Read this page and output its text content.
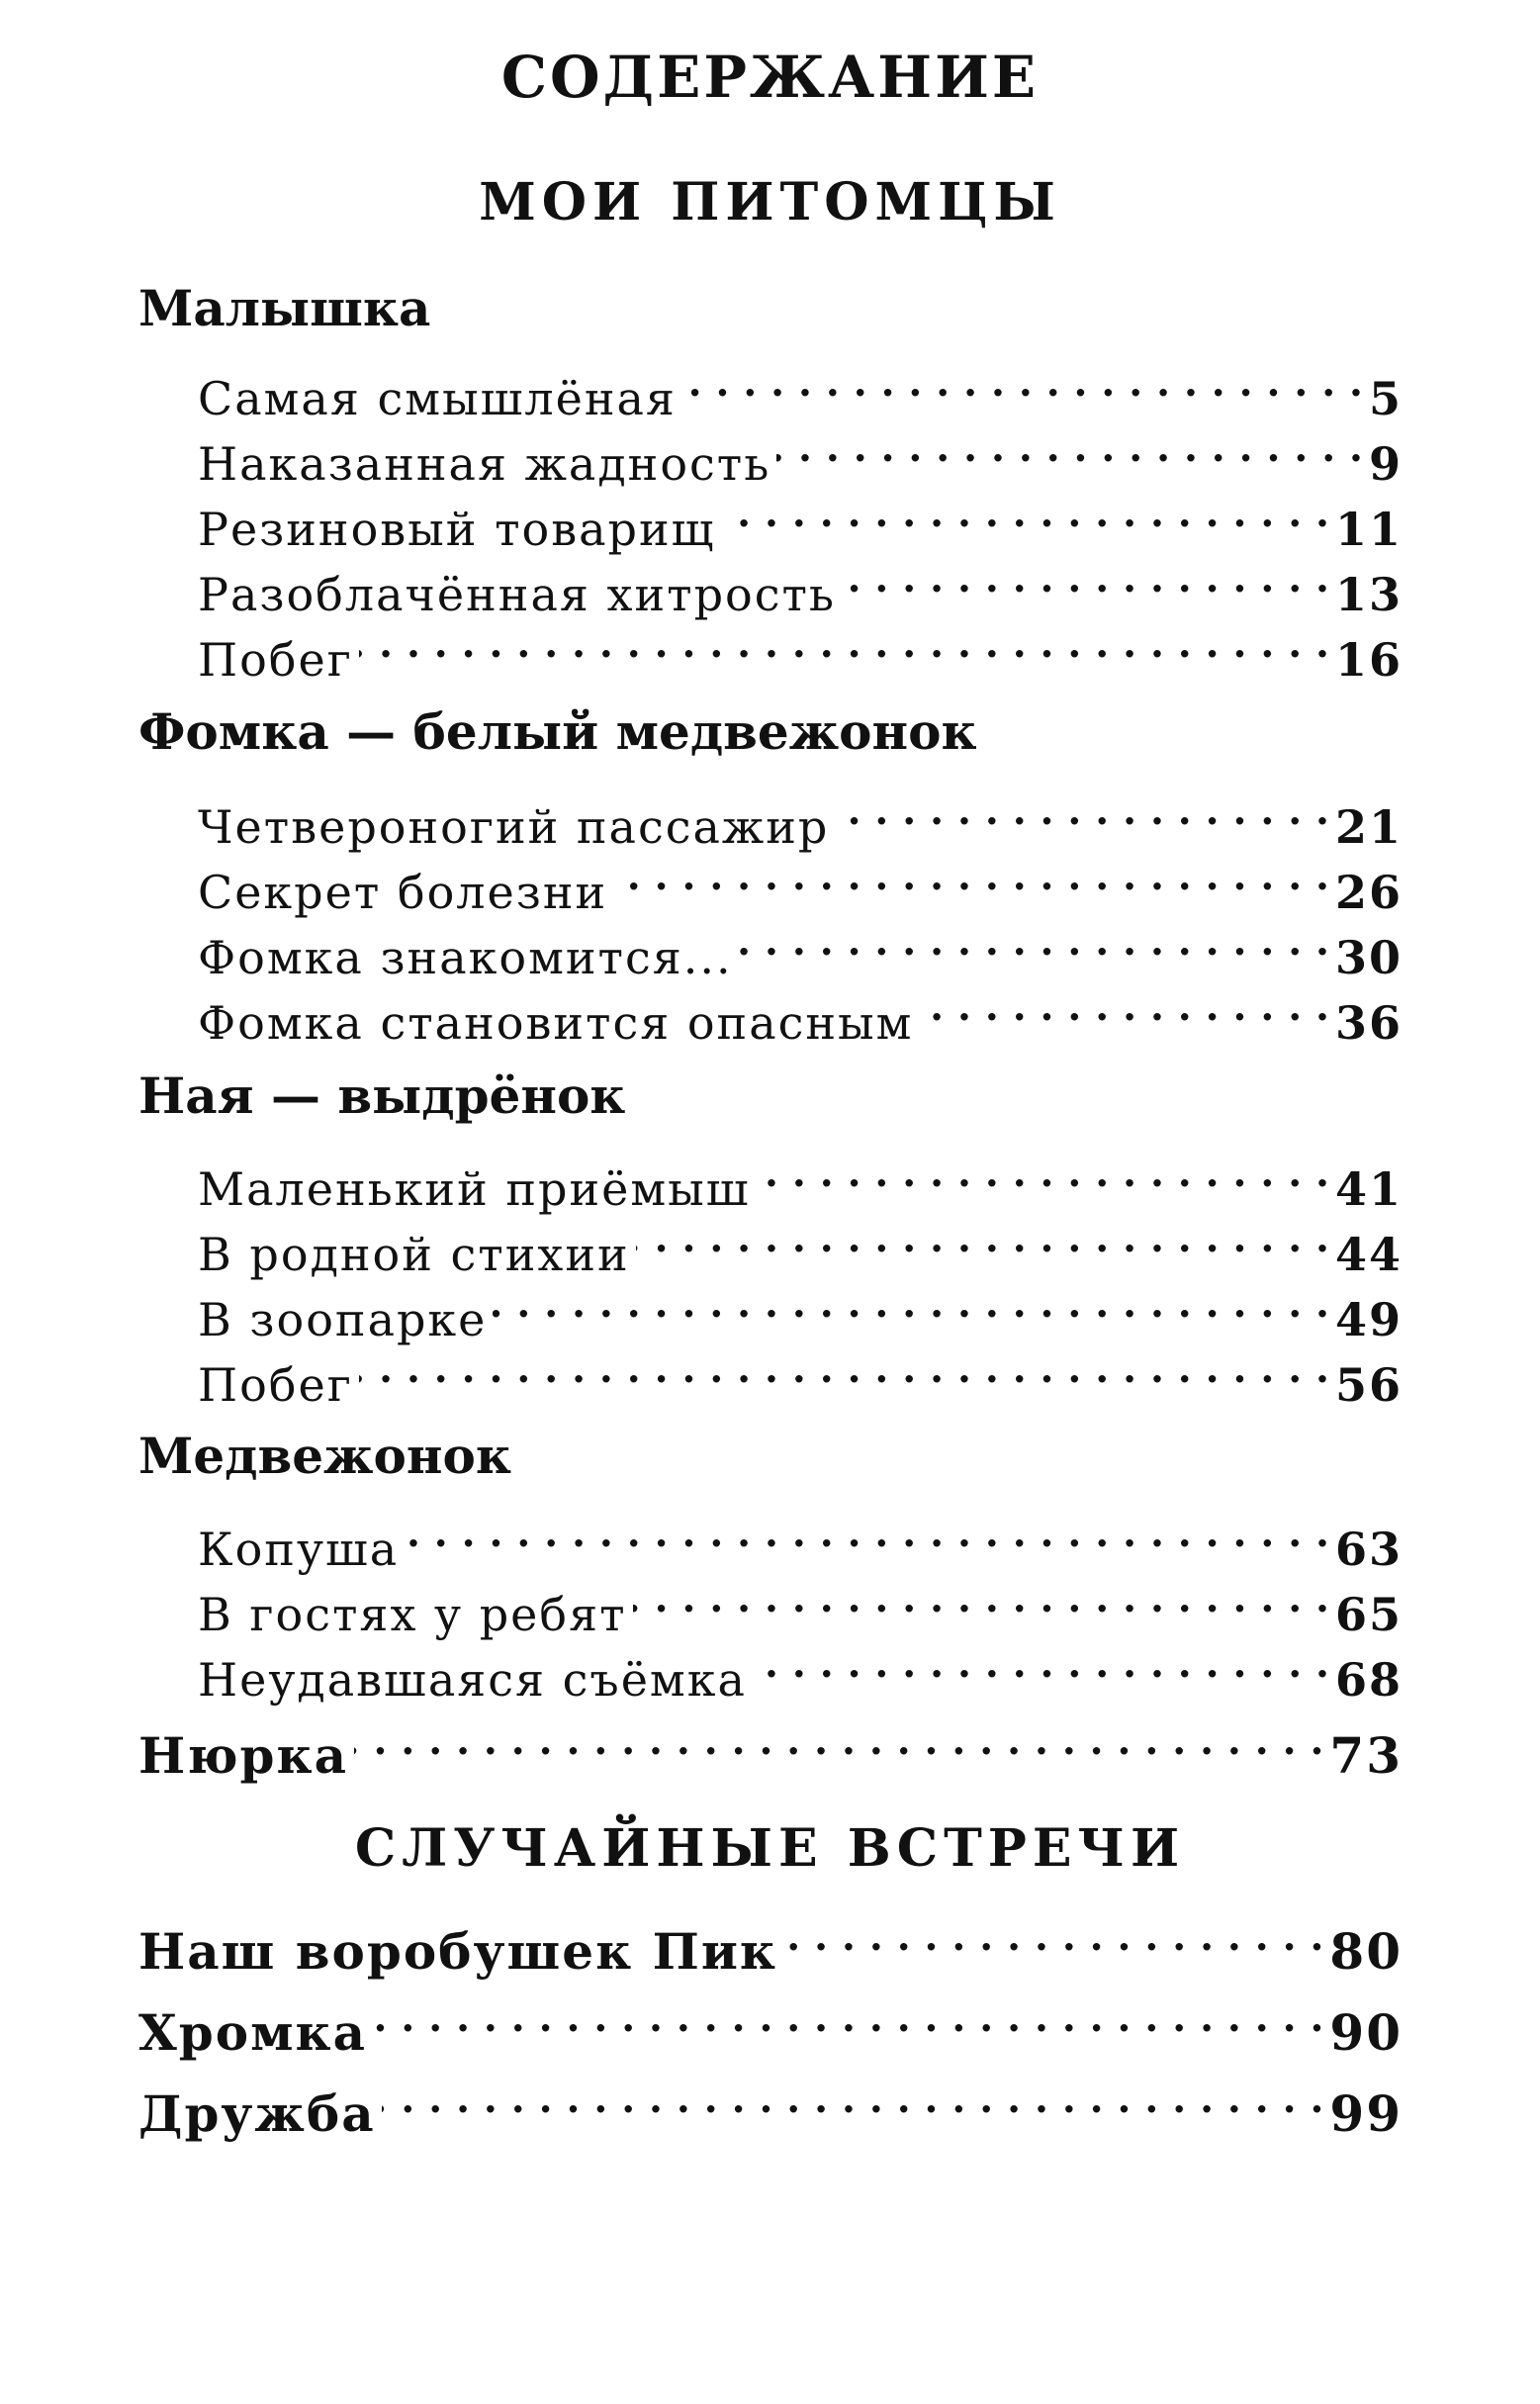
СОДЕРЖАНИЕ
МОИ ПИТОМЦЫ
Малышка
Самая смышлёная . . .	5
Наказанная жадность . . .	9
Резиновый товарищ . . .	11
Разоблачённая хитрость . . .	13
Побег . . .	16
Фомка — белый медвежонок
Четвероногий пассажир . . .	21
Секрет болезни . . .	26
Фомка знакомится... . . .	30
Фомка становится опасным . . .	36
Ная — выдрёнок
Маленький приёмыш . . .	41
В родной стихии . . .	44
В зоопарке . . .	49
Побег . . .	56
Медвежонок
Копуша . . .	63
В гостях у ребят . . .	65
Неудавшаяся съёмка . . .	68
Нюрка . . .	73
СЛУЧАЙНЫЕ ВСТРЕЧИ
Наш воробушек Пик . . .	80
Хромка . . .	90
Дружба . . .	99
